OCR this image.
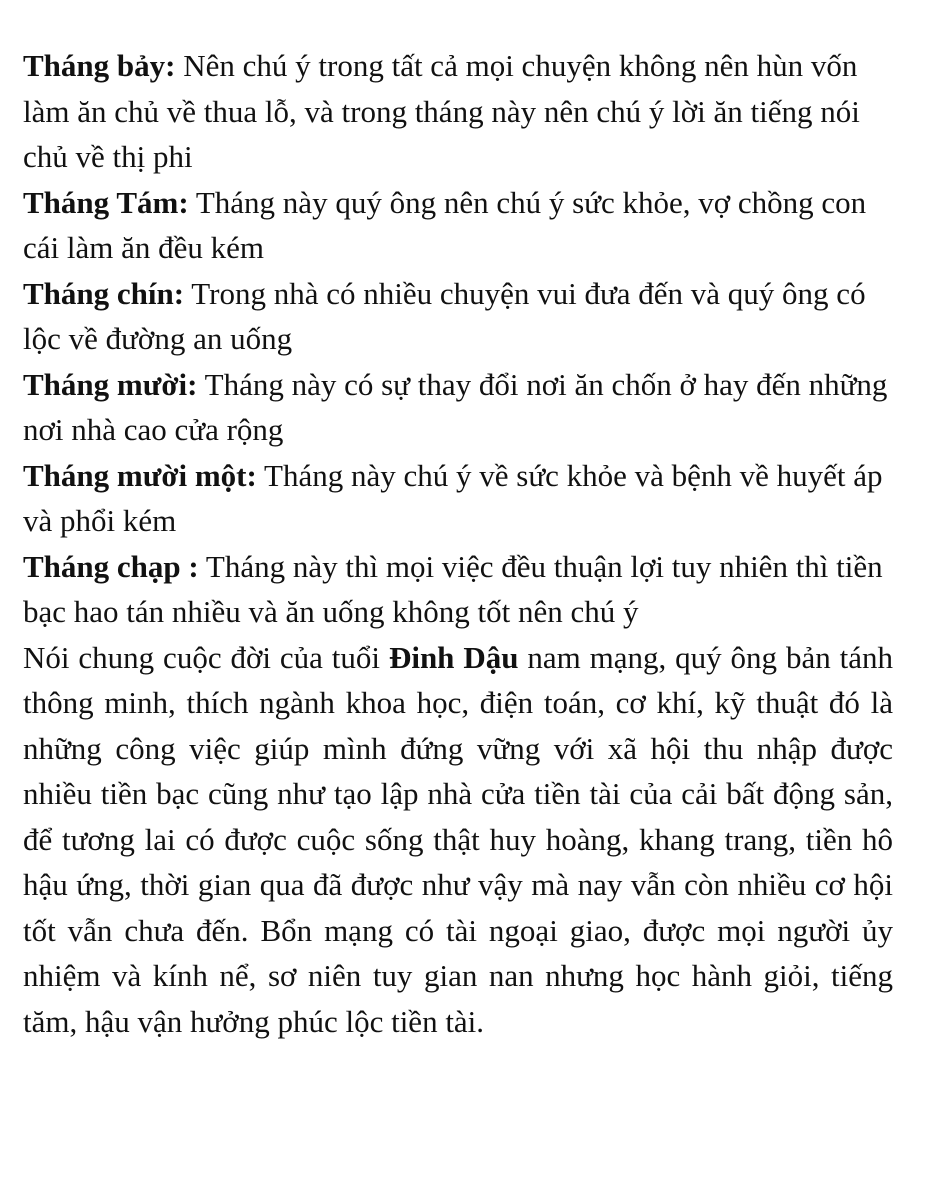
Tháng bảy: Nên chú ý trong tất cả mọi chuyện không nên hùn vốn làm ăn chủ về thua lỗ, và trong tháng này nên chú ý lời ăn tiếng nói chủ về thị phi

Tháng Tám: Tháng này quý ông nên chú ý sức khỏe, vợ chồng con cái làm ăn đều kém

Tháng chín: Trong nhà có nhiều chuyện vui đưa đến và quý ông có lộc về đường an uống

Tháng mười: Tháng này có sự thay đổi nơi ăn chốn ở hay đến những nơi nhà cao cửa rộng

Tháng mười một: Tháng này chú ý về sức khỏe và bệnh về huyết áp và phổi kém

Tháng chạp : Tháng này thì mọi việc đều thuận lợi tuy nhiên thì tiền bạc hao tán nhiều và ăn uống không tốt nên chú ý

Nói chung cuộc đời của tuổi Đinh Dậu nam mạng, quý ông bản tánh thông minh, thích ngành khoa học, điện toán, cơ khí, kỹ thuật đó là những công việc giúp mình đứng vững với xã hội thu nhập được nhiều tiền bạc cũng như tạo lập nhà cửa tiền tài của cải bất động sản, để tương lai có được cuộc sống thật huy hoàng, khang trang, tiền hô hậu ứng, thời gian qua đã được như vậy mà nay vẫn còn nhiều cơ hội tốt vẫn chưa đến. Bổn mạng có tài ngoại giao, được mọi người ủy nhiệm và kính nể, sơ niên tuy gian nan nhưng học hành giỏi, tiếng tăm, hậu vận hưởng phúc lộc tiền tài.
